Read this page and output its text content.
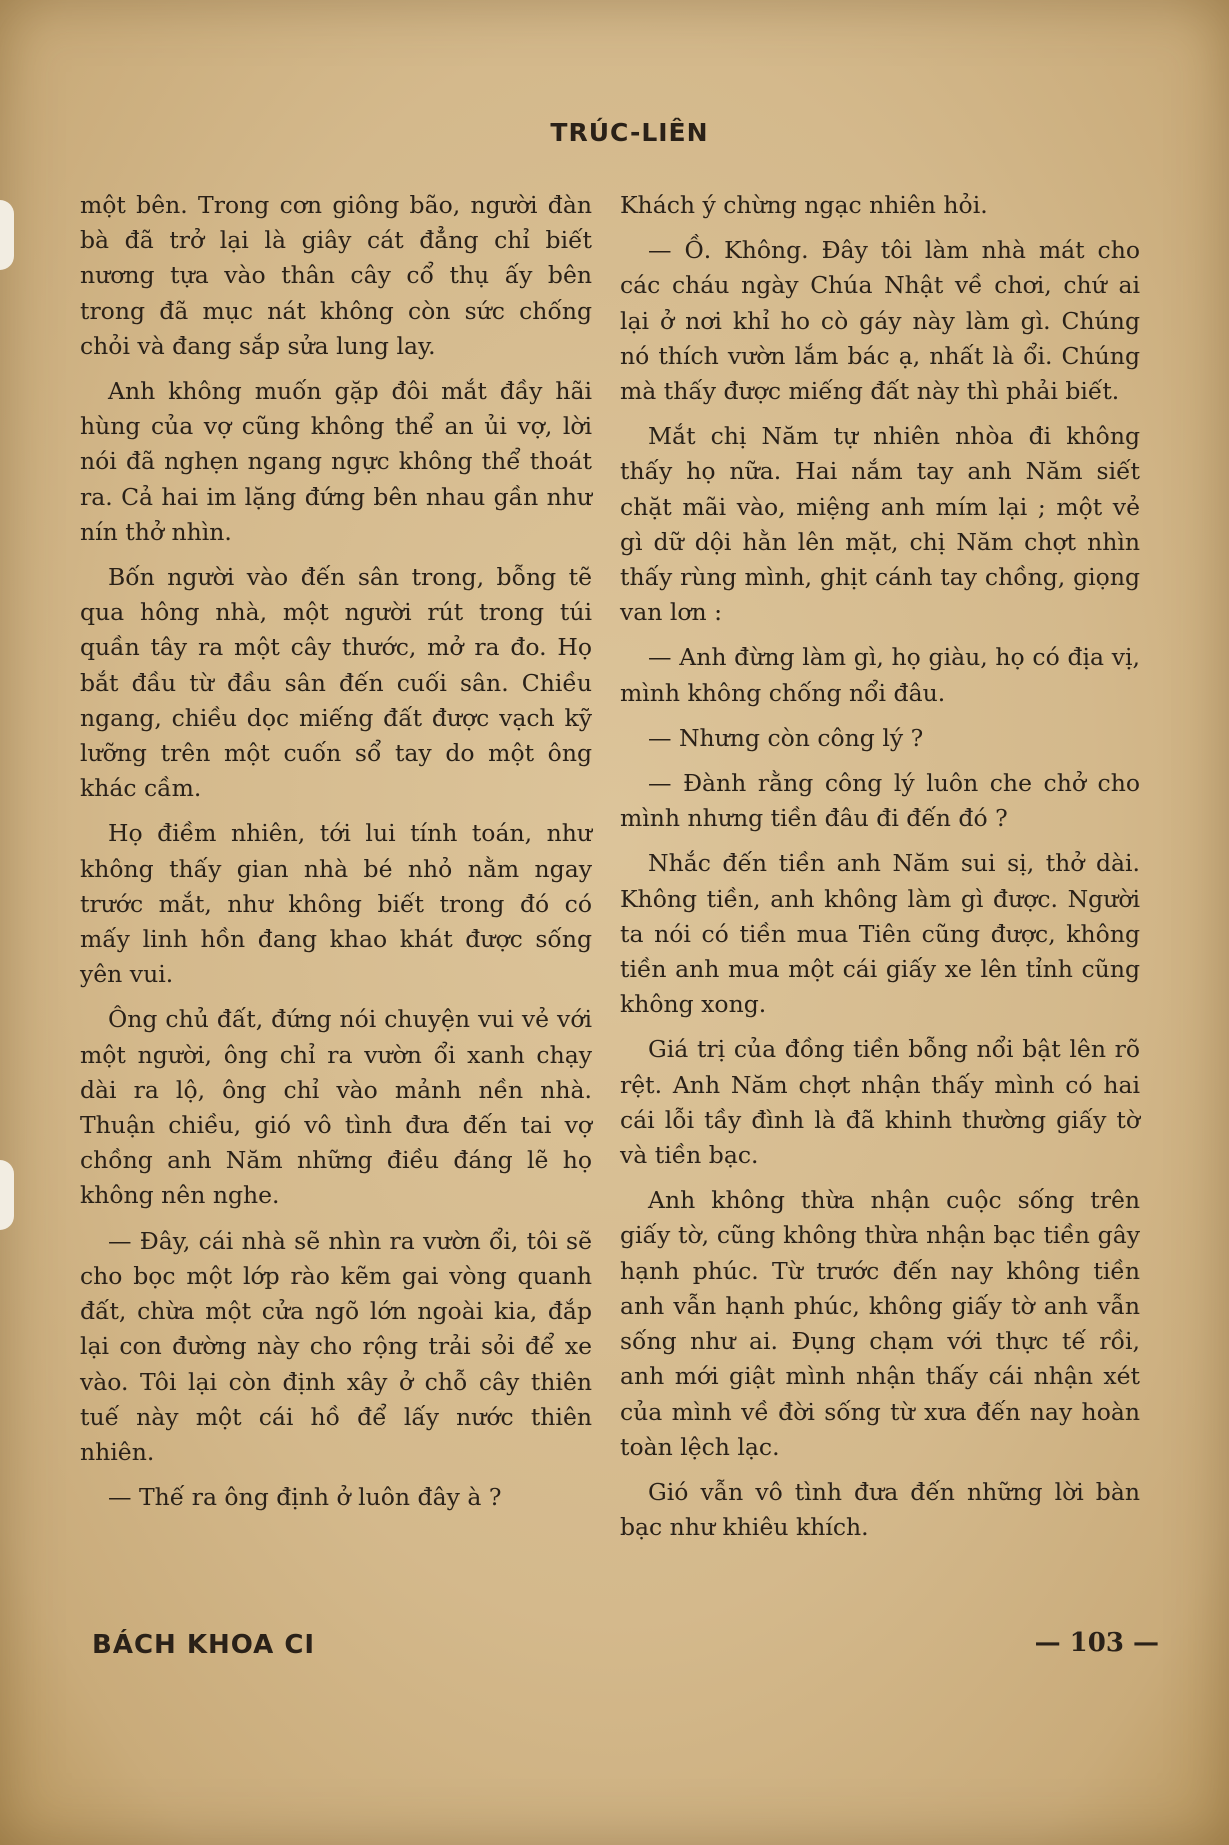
TRÚC-LIÊN

một bên. Trong cơn giông bão, người đàn bà đã trở lại là giây cát đẳng chỉ biết nương tựa vào thân cây cổ thụ ấy bên trong đã mục nát không còn sức chống chỏi và đang sắp sửa lung lay.

Anh không muốn gặp đôi mắt đầy hãi hùng của vợ cũng không thể an ủi vợ, lời nói đã nghẹn ngang ngực không thể thoát ra. Cả hai im lặng đứng bên nhau gần như nín thở nhìn.

Bốn người vào đến sân trong, bỗng tẽ qua hông nhà, một người rút trong túi quần tây ra một cây thước, mở ra đo. Họ bắt đầu từ đầu sân đến cuối sân. Chiều ngang, chiều dọc miếng đất được vạch kỹ lưỡng trên một cuốn sổ tay do một ông khác cầm.

Họ điềm nhiên, tới lui tính toán, như không thấy gian nhà bé nhỏ nằm ngay trước mắt, như không biết trong đó có mấy linh hồn đang khao khát được sống yên vui.

Ông chủ đất, đứng nói chuyện vui vẻ với một người, ông chỉ ra vườn ổi xanh chạy dài ra lộ, ông chỉ vào mảnh nền nhà. Thuận chiều, gió vô tình đưa đến tai vợ chồng anh Năm những điều đáng lẽ họ không nên nghe.

— Đây, cái nhà sẽ nhìn ra vườn ổi, tôi sẽ cho bọc một lớp rào kẽm gai vòng quanh đất, chừa một cửa ngõ lớn ngoài kia, đắp lại con đường này cho rộng trải sỏi để xe vào. Tôi lại còn định xây ở chỗ cây thiên tuế này một cái hồ để lấy nước thiên nhiên.

— Thế ra ông định ở luôn đây à ?

Khách ý chừng ngạc nhiên hỏi.

— Ồ. Không. Đây tôi làm nhà mát cho các cháu ngày Chúa Nhật về chơi, chứ ai lại ở nơi khỉ ho cò gáy này làm gì. Chúng nó thích vườn lắm bác ạ, nhất là ổi. Chúng mà thấy được miếng đất này thì phải biết.

Mắt chị Năm tự nhiên nhòa đi không thấy họ nữa. Hai nắm tay anh Năm siết chặt mãi vào, miệng anh mím lại ; một vẻ gì dữ dội hằn lên mặt, chị Năm chợt nhìn thấy rùng mình, ghịt cánh tay chồng, giọng van lơn :

— Anh đừng làm gì, họ giàu, họ có địa vị, mình không chống nổi đâu.

— Nhưng còn công lý ?

— Đành rằng công lý luôn che chở cho mình nhưng tiền đâu đi đến đó ?

Nhắc đến tiền anh Năm sui sị, thở dài. Không tiền, anh không làm gì được. Người ta nói có tiền mua Tiên cũng được, không tiền anh mua một cái giấy xe lên tỉnh cũng không xong.

Giá trị của đồng tiền bỗng nổi bật lên rõ rệt. Anh Năm chợt nhận thấy mình có hai cái lỗi tầy đình là đã khinh thường giấy tờ và tiền bạc.

Anh không thừa nhận cuộc sống trên giấy tờ, cũng không thừa nhận bạc tiền gây hạnh phúc. Từ trước đến nay không tiền anh vẫn hạnh phúc, không giấy tờ anh vẫn sống như ai. Đụng chạm với thực tế rồi, anh mới giật mình nhận thấy cái nhận xét của mình về đời sống từ xưa đến nay hoàn toàn lệch lạc.

Gió vẫn vô tình đưa đến những lời bàn bạc như khiêu khích.

BÁCH KHOA CI	— 103 —
